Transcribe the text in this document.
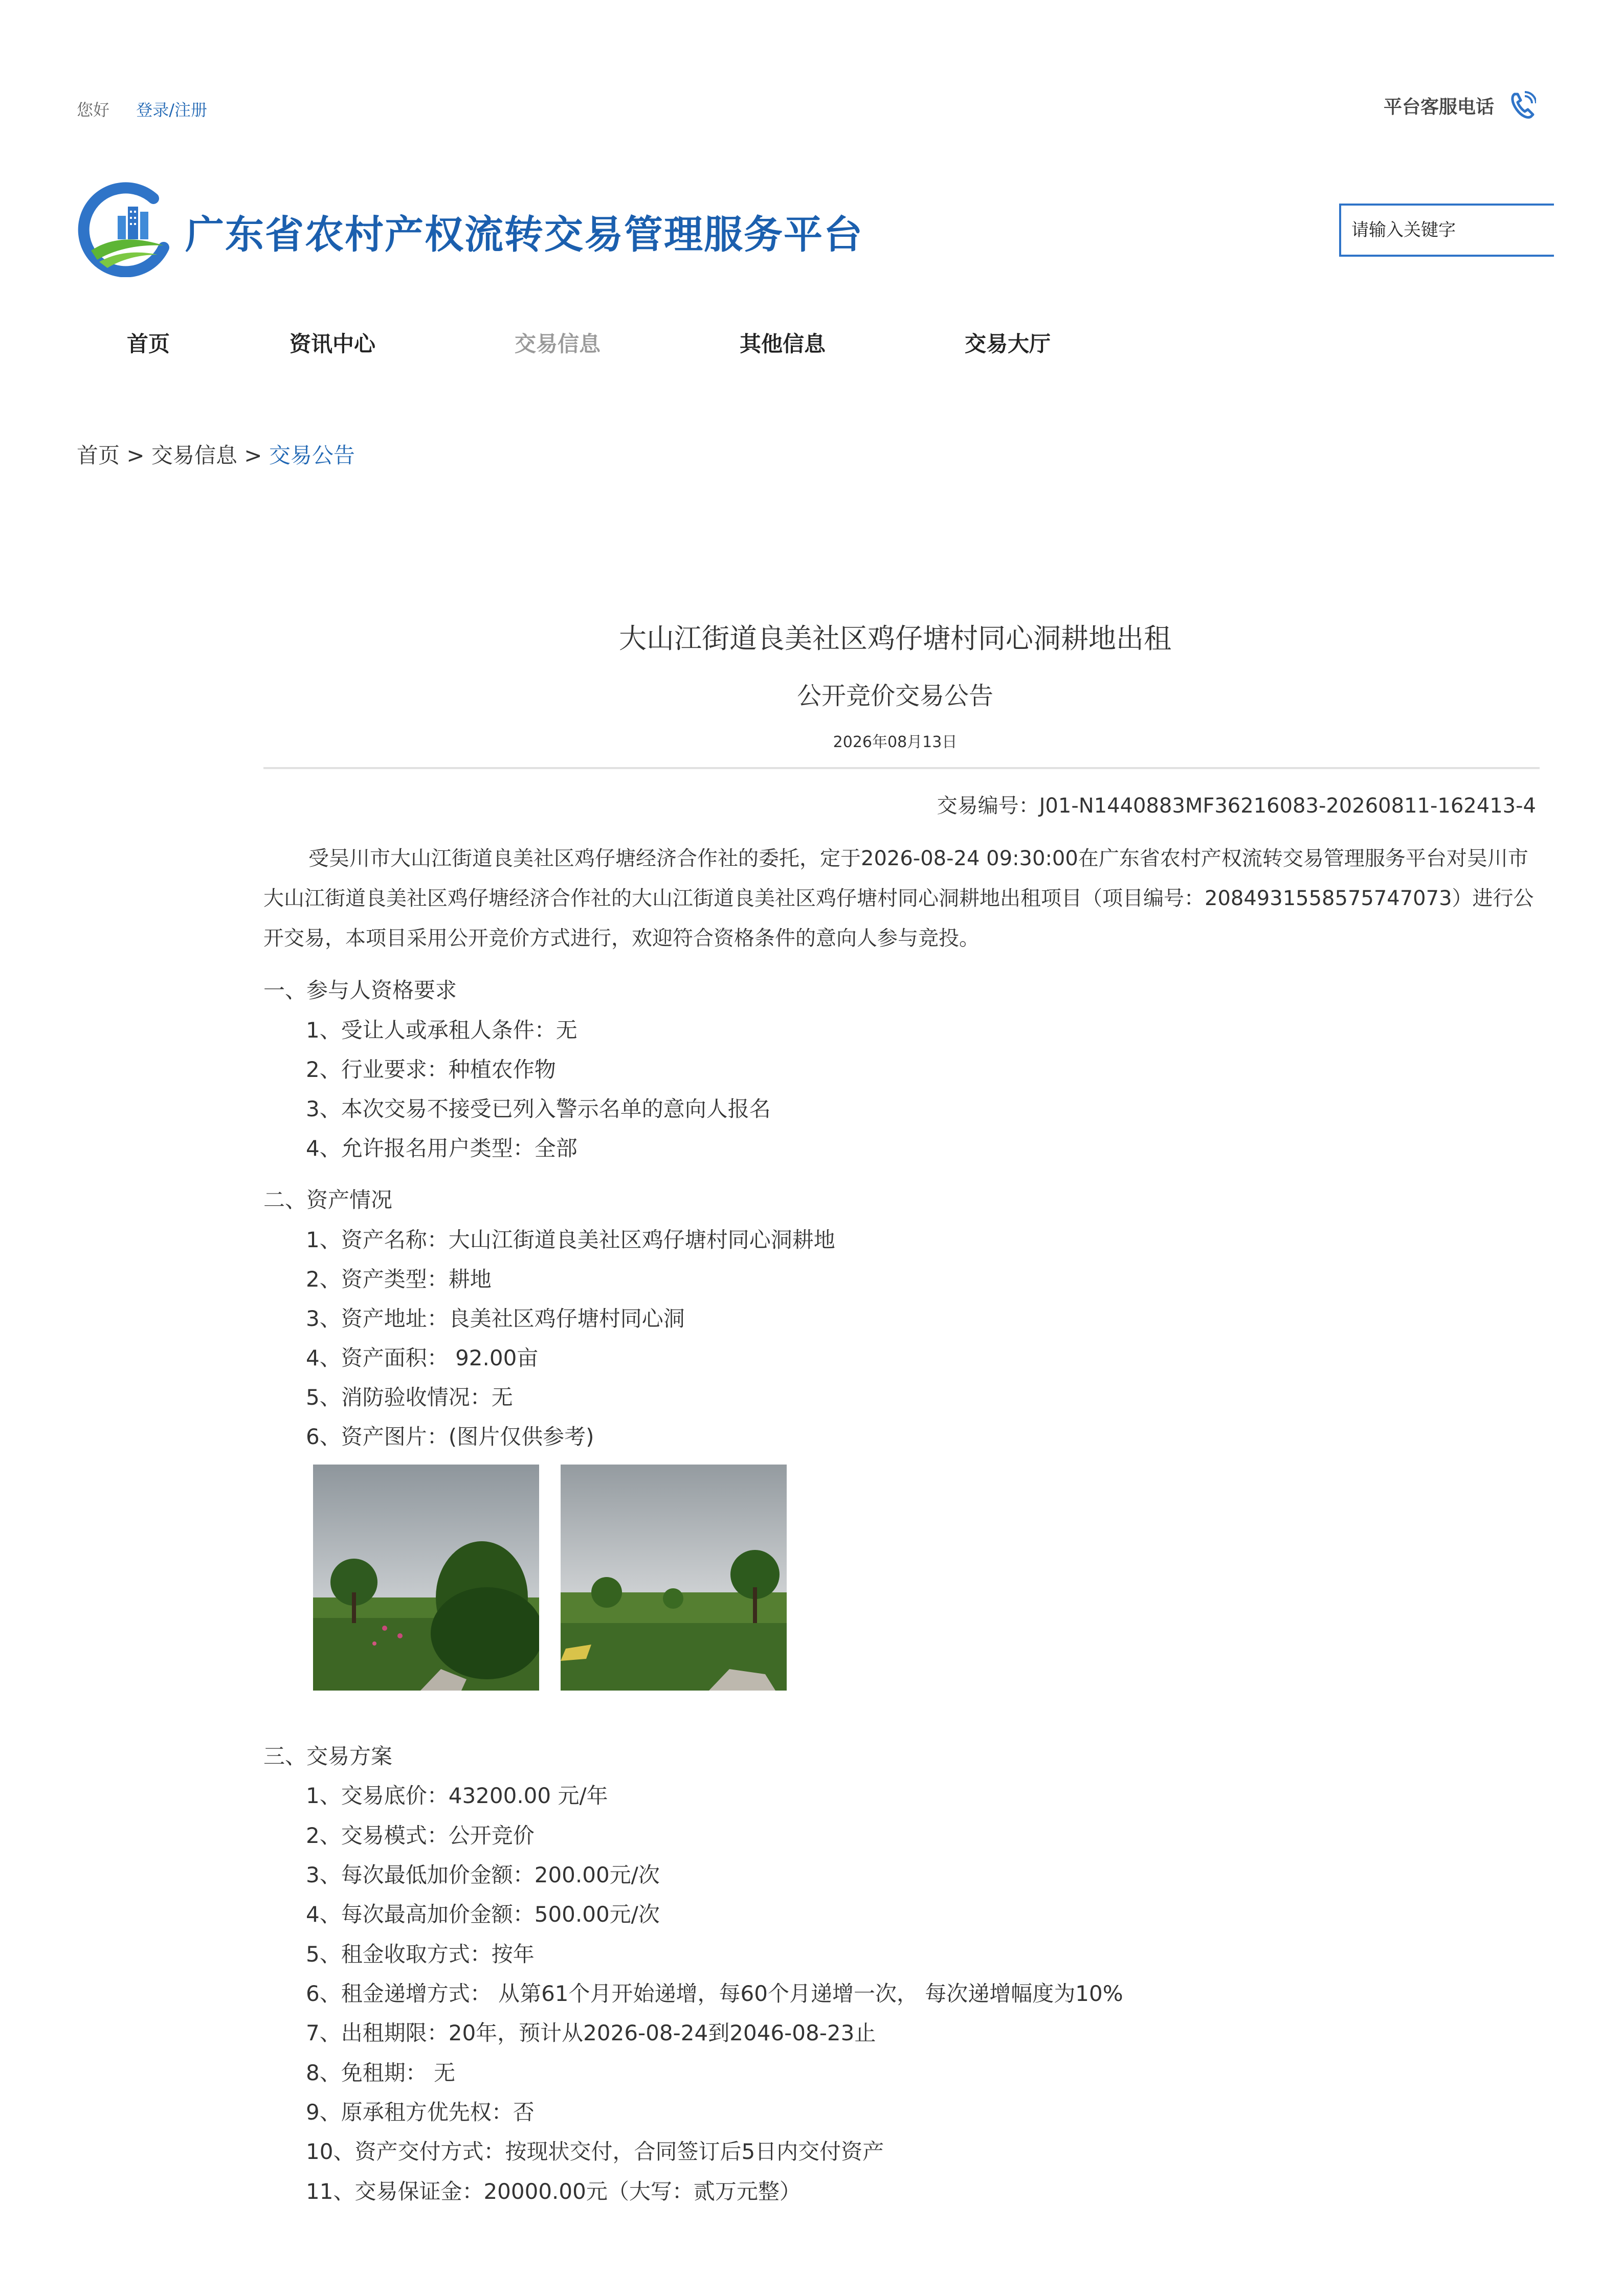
您好 登录/注册	平台客服电话
广东省农村产权流转交易管理服务平台
请输入关键字
首页	资讯中心	交易信息	其他信息	交易大厅
首页 > 交易信息 > 交易公告
大山江街道良美社区鸡仔塘村同心洞耕地出租
公开竞价交易公告
2026年08月13日
交易编号：J01-N1440883MF36216083-20260811-162413-4
受吴川市大山江街道良美社区鸡仔塘经济合作社的委托，定于2026-08-24 09:30:00在广东省农村产权流转交易管理服务平台对吴川市大山江街道良美社区鸡仔塘经济合作社的大山江街道良美社区鸡仔塘村同心洞耕地出租项目（项目编号：2084931558575747073）进行公开交易，本项目采用公开竞价方式进行，欢迎符合资格条件的意向人参与竞投。
一、参与人资格要求
1、受让人或承租人条件：无
2、行业要求：种植农作物
3、本次交易不接受已列入警示名单的意向人报名
4、允许报名用户类型：全部
二、资产情况
1、资产名称：大山江街道良美社区鸡仔塘村同心洞耕地
2、资产类型：耕地
3、资产地址：良美社区鸡仔塘村同心洞
4、资产面积： 92.00亩
5、消防验收情况：无
6、资产图片：(图片仅供参考)
三、交易方案
1、交易底价：43200.00 元/年
2、交易模式：公开竞价
3、每次最低加价金额：200.00元/次
4、每次最高加价金额：500.00元/次
5、租金收取方式：按年
6、租金递增方式： 从第61个月开始递增，每60个月递增一次， 每次递增幅度为10%
7、出租期限：20年，预计从2026-08-24到2046-08-23止
8、免租期： 无
9、原承租方优先权：否
10、资产交付方式：按现状交付，合同签订后5日内交付资产
11、交易保证金：20000.00元（大写：贰万元整）
